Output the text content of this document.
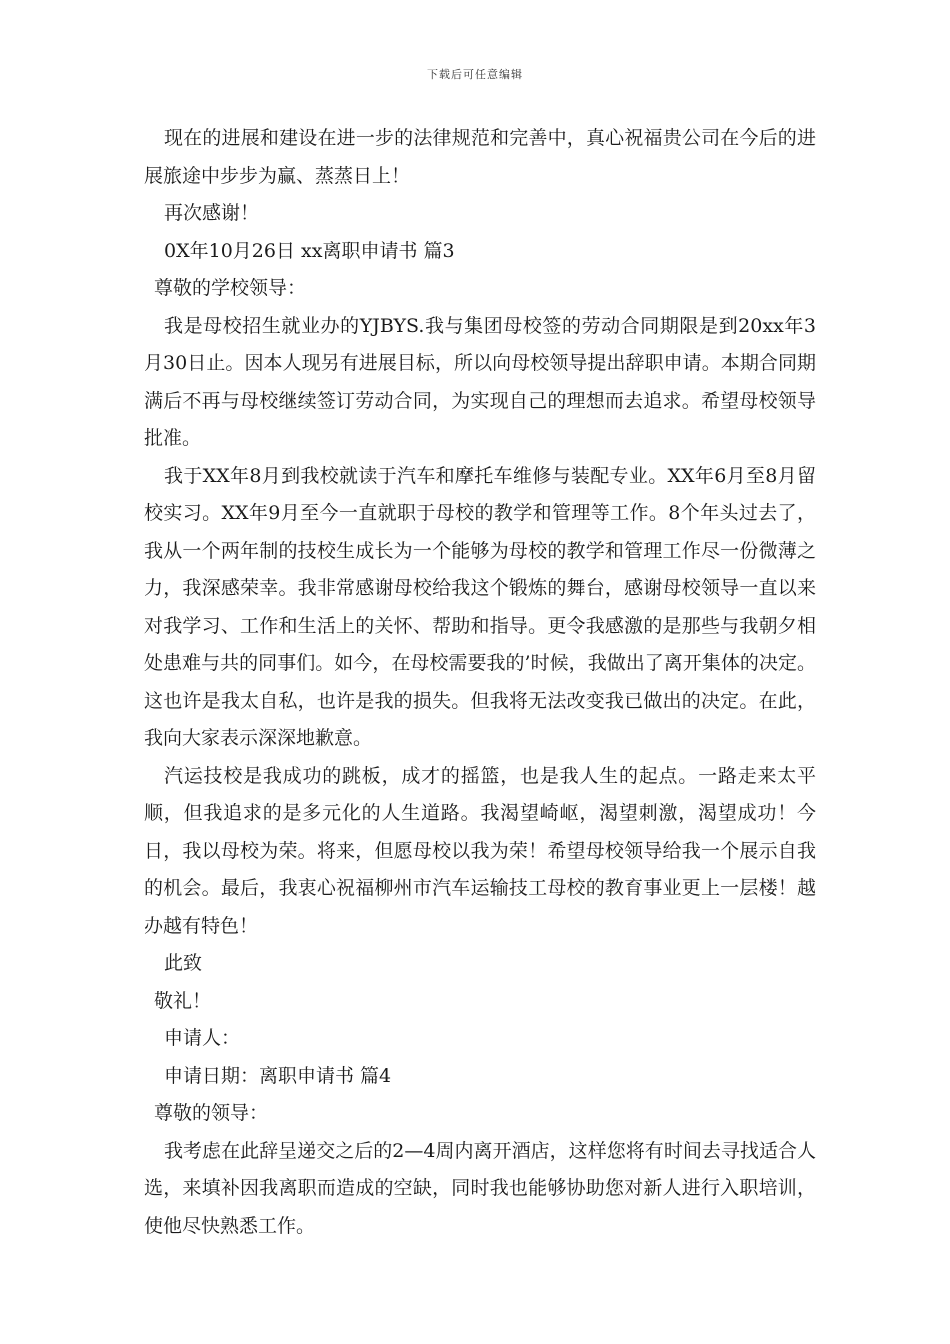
下载后可任意编辑

现在的进展和建设在进一步的法律规范和完善中，真心祝福贵公司在今后的进展旅途中步步为赢、蒸蒸日上！

再次感谢！

0X年10月26日 xx离职申请书 篇3

尊敬的学校领导：

我是母校招生就业办的YJBYS.我与集团母校签的劳动合同期限是到20xx年3月30日止。因本人现另有进展目标，所以向母校领导提出辞职申请。本期合同期满后不再与母校继续签订劳动合同，为实现自己的理想而去追求。希望母校领导批准。

我于XX年8月到我校就读于汽车和摩托车维修与装配专业。XX年6月至8月留校实习。XX年9月至今一直就职于母校的教学和管理等工作。8个年头过去了，我从一个两年制的技校生成长为一个能够为母校的教学和管理工作尽一份微薄之力，我深感荣幸。我非常感谢母校给我这个锻炼的舞台，感谢母校领导一直以来对我学习、工作和生活上的关怀、帮助和指导。更令我感激的是那些与我朝夕相处患难与共的同事们。如今，在母校需要我的’时候，我做出了离开集体的决定。这也许是我太自私，也许是我的损失。但我将无法改变我已做出的决定。在此，我向大家表示深深地歉意。

汽运技校是我成功的跳板，成才的摇篮，也是我人生的起点。一路走来太平顺，但我追求的是多元化的人生道路。我渴望崎岖，渴望刺激，渴望成功！今日，我以母校为荣。将来，但愿母校以我为荣！希望母校领导给我一个展示自我的机会。最后，我衷心祝福柳州市汽车运输技工母校的教育事业更上一层楼！越办越有特色！

此致

敬礼！

申请人：

申请日期：离职申请书 篇4

尊敬的领导：

我考虑在此辞呈递交之后的2—4周内离开酒店，这样您将有时间去寻找适合人选，来填补因我离职而造成的空缺，同时我也能够协助您对新人进行入职培训，使他尽快熟悉工作。
